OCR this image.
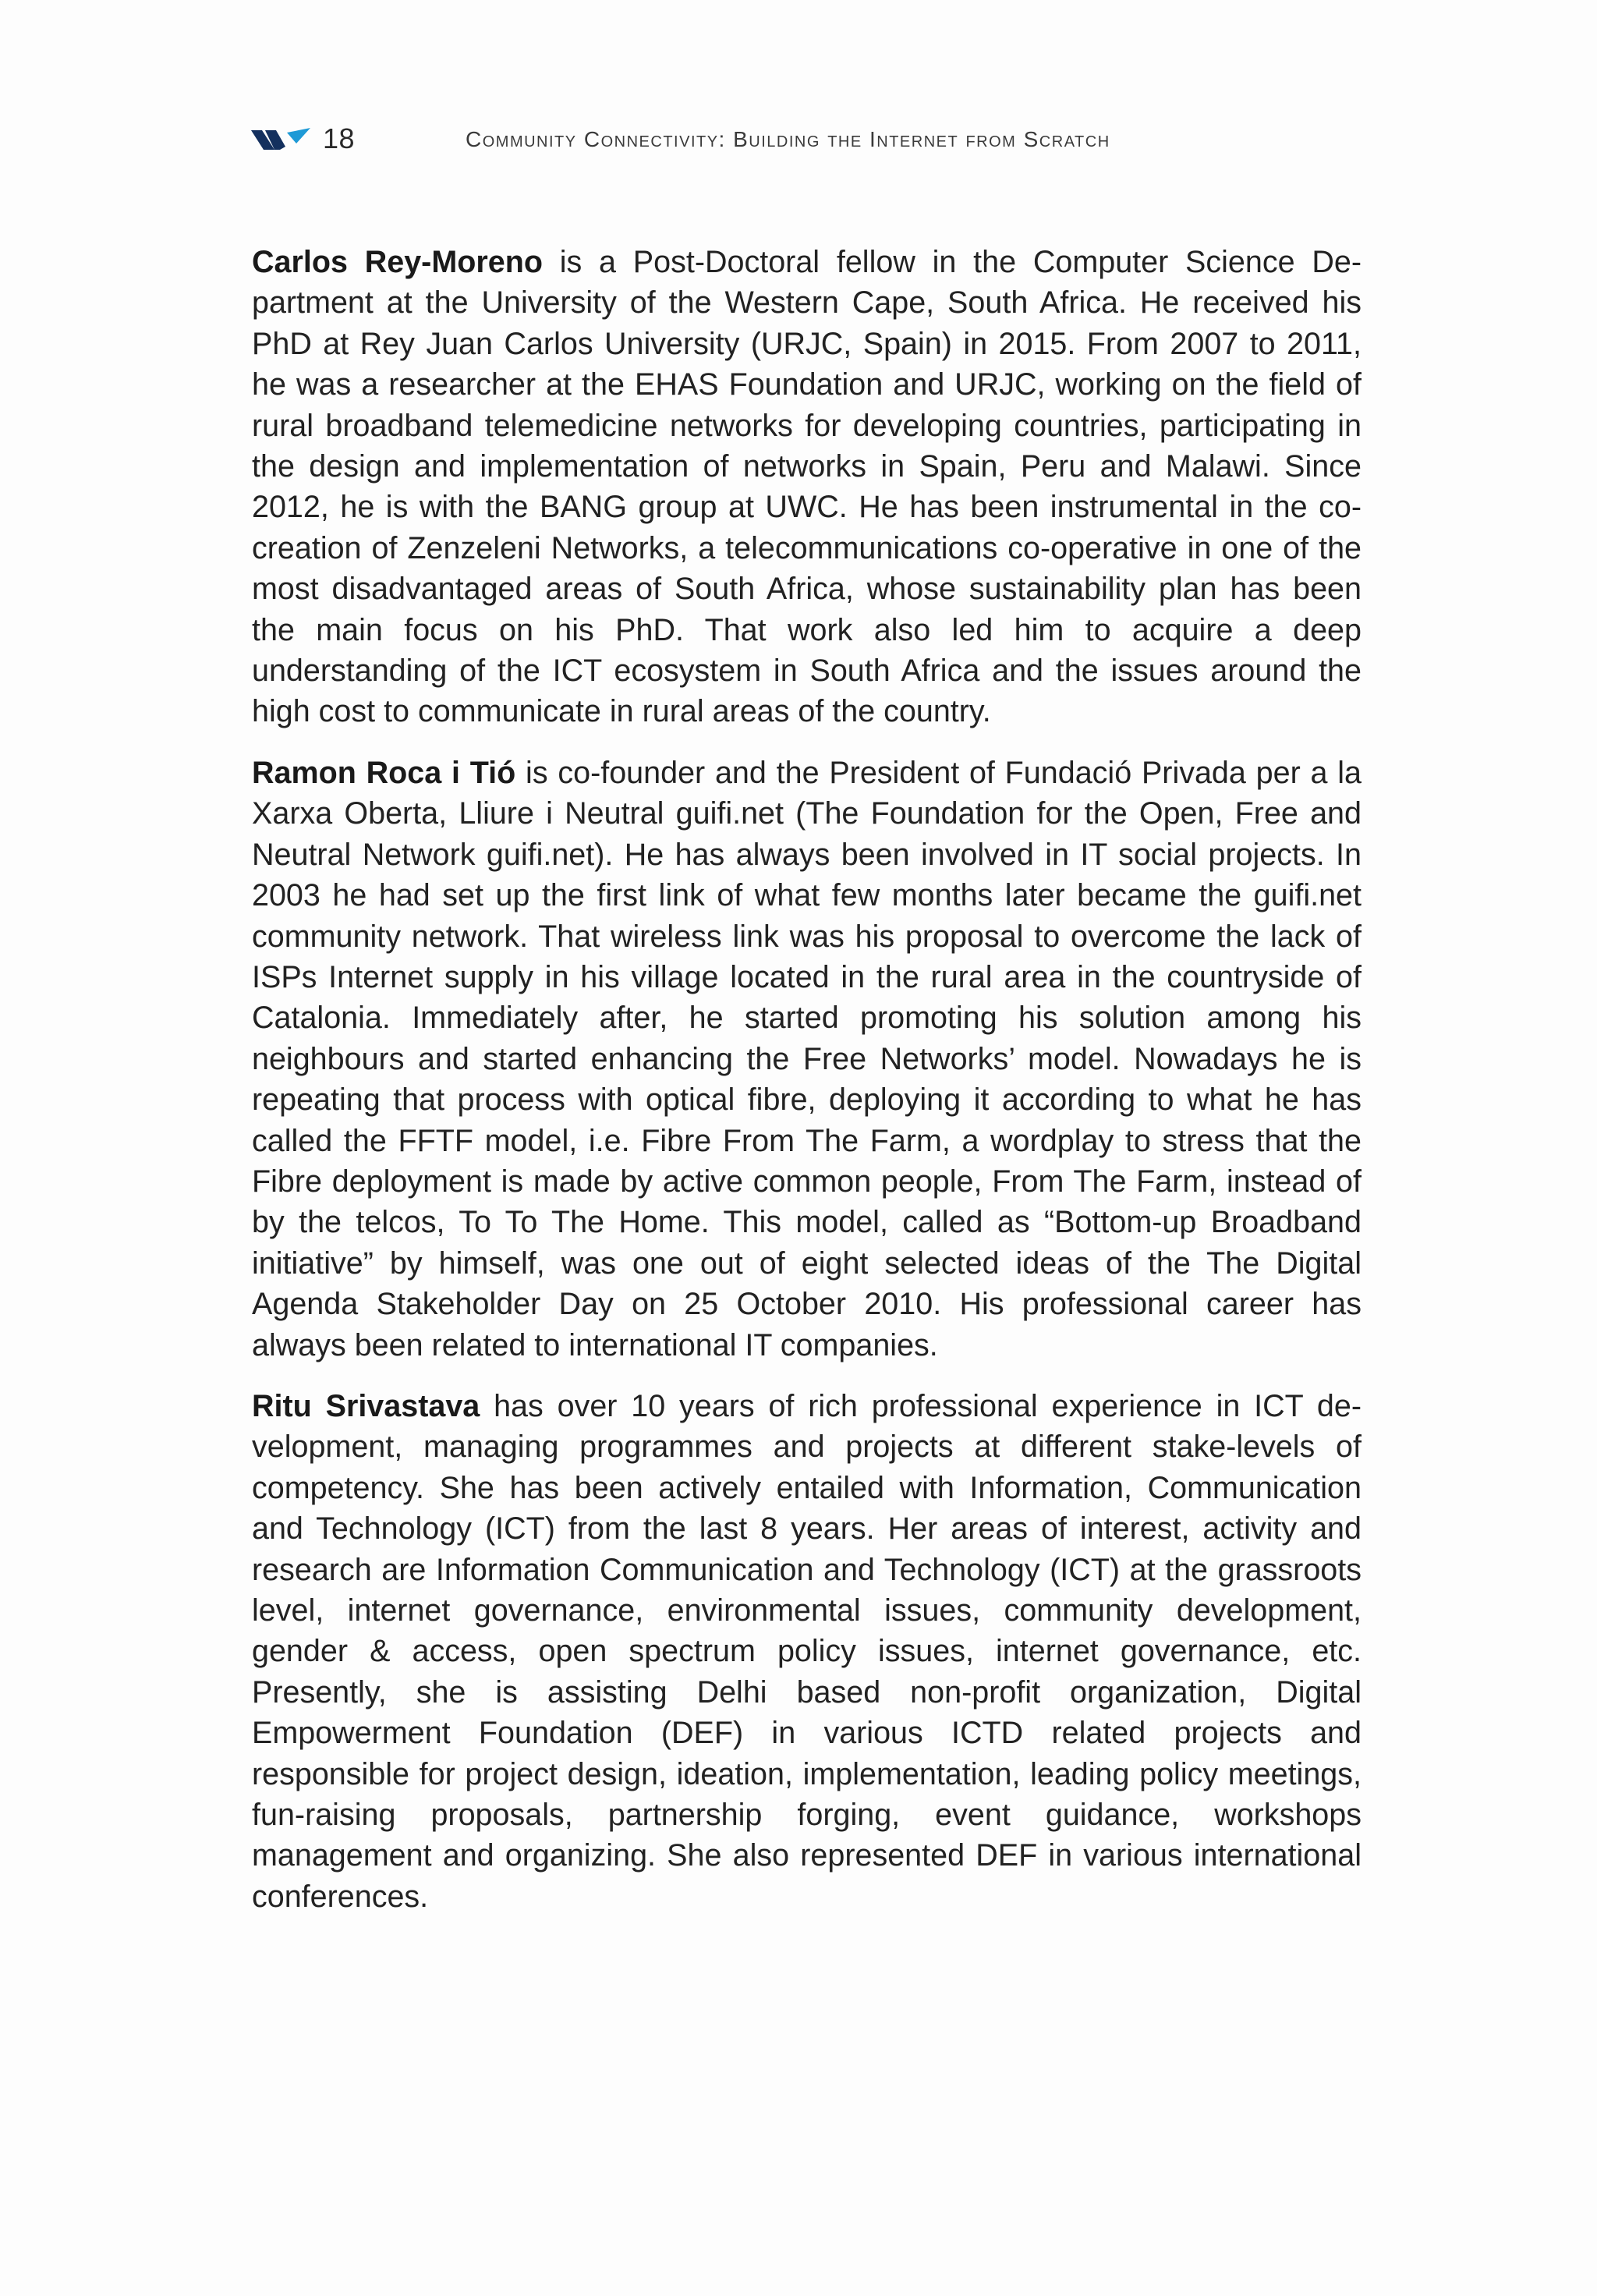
18	Community Connectivity: Building the Internet from Scratch

Carlos Rey-Moreno is a Post-Doctoral fellow in the Computer Science Department at the University of the Western Cape, South Africa. He received his PhD at Rey Juan Carlos University (URJC, Spain) in 2015. From 2007 to 2011, he was a researcher at the EHAS Foundation and URJC, working on the field of rural broadband telemedicine networks for developing countries, participating in the design and implementation of networks in Spain, Peru and Malawi. Since 2012, he is with the BANG group at UWC. He has been instrumental in the co-creation of Zenzeleni Networks, a telecommunications co-operative in one of the most disadvantaged areas of South Africa, whose sustainability plan has been the main focus on his PhD. That work also led him to acquire a deep understanding of the ICT ecosystem in South Africa and the issues around the high cost to communicate in rural areas of the country.

Ramon Roca i Tió is co-founder and the President of Fundació Privada per a la Xarxa Oberta, Lliure i Neutral guifi.net (The Foundation for the Open, Free and Neutral Network guifi.net). He has always been involved in IT social projects. In 2003 he had set up the first link of what few months later became the guifi.net community network. That wireless link was his proposal to overcome the lack of ISPs Internet supply in his village located in the rural area in the countryside of Catalonia. Immediately after, he started promoting his solution among his neighbours and started enhancing the Free Networks’ model. Nowadays he is repeating that process with optical fibre, deploying it according to what he has called the FFTF model, i.e. Fibre From The Farm, a wordplay to stress that the Fibre deployment is made by active common people, From The Farm, instead of by the telcos, To To The Home. This model, called as “Bottom-up Broadband initiative” by himself, was one out of eight selected ideas of the The Digital Agenda Stakeholder Day on 25 October 2010. His professional career has always been related to international IT companies.

Ritu Srivastava has over 10 years of rich professional experience in ICT development, managing programmes and projects at different stake-levels of competency. She has been actively entailed with Information, Communication and Technology (ICT) from the last 8 years. Her areas of interest, activity and research are Information Communication and Technology (ICT) at the grassroots level, internet governance, environmental issues, community development, gender & access, open spectrum policy issues, internet governance, etc. Presently, she is assisting Delhi based non-profit organization, Digital Empowerment Foundation (DEF) in various ICTD related projects and responsible for project design, ideation, implementation, leading policy meetings, fun-raising proposals, partnership forging, event guidance, workshops management and organizing. She also represented DEF in various international conferences.
